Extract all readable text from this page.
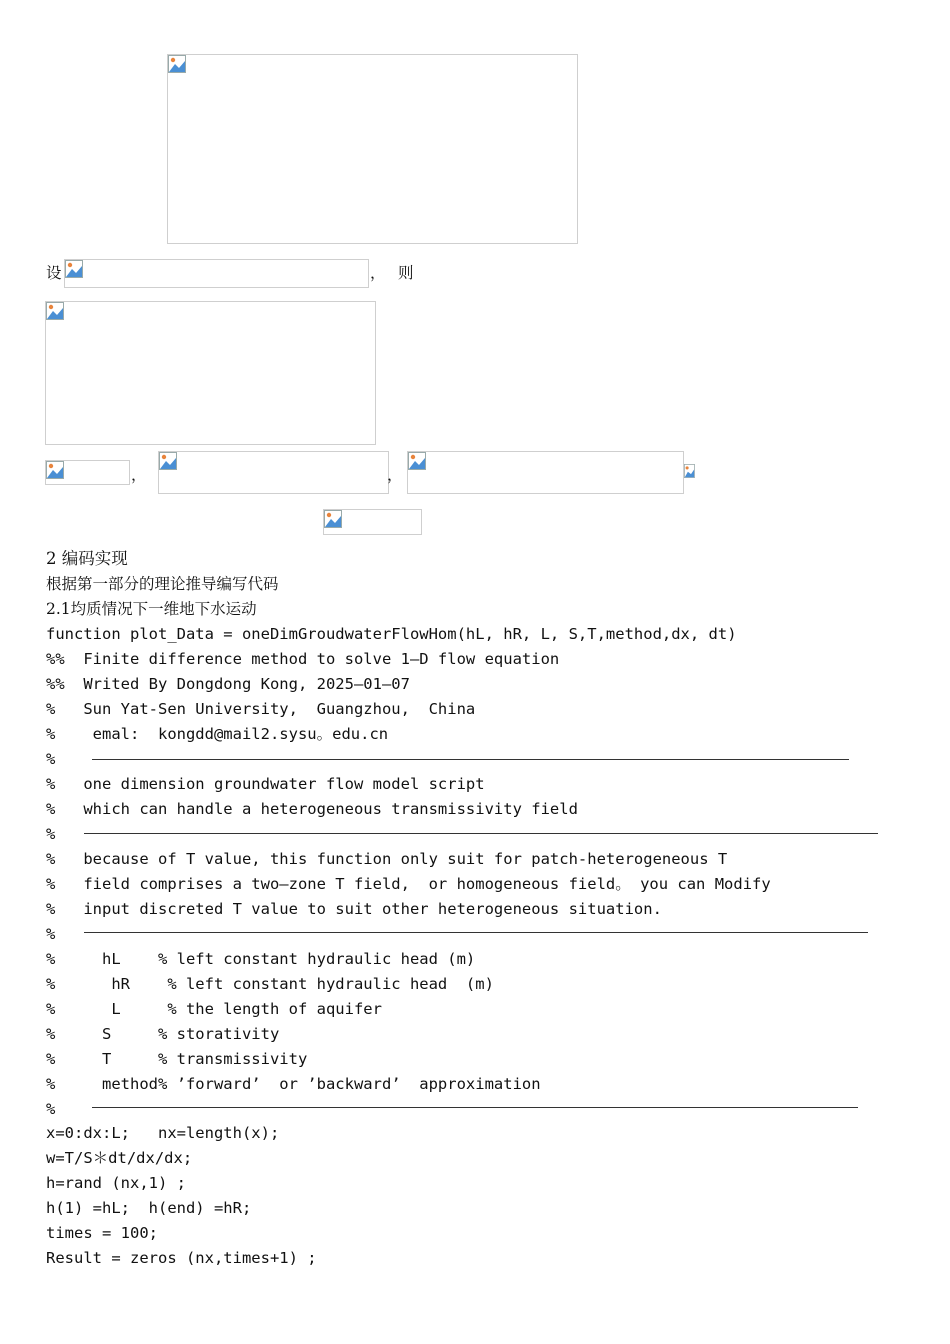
设	， 则
，	，
2 编码实现
根据第一部分的理论推导编写代码
2.1均质情况下一维地下水运动
function plot_Data = oneDimGroudwaterFlowHom(hL, hR, L, S,T,method,dx, dt)
%%  Finite difference method to solve 1—D flow equation
%%  Writed By Dongdong Kong, 2025—01—07
%   Sun Yat-Sen University,  Guangzhou,  China
%    emal:  kongdd@mail2.sysu。edu.cn
%
%   one dimension groundwater flow model script
%   which can handle a heterogeneous transmissivity field
%
%   because of T value, this function only suit for patch-heterogeneous T
%   field comprises a two—zone T field,  or homogeneous field。 you can Modify
%   input discreted T value to suit other heterogeneous situation.
%
%     hL    % left constant hydraulic head (m)
%      hR    % left constant hydraulic head  (m)
%      L     % the length of aquifer
%     S     % storativity
%     T     % transmissivity
%     method% ’forward’  or ’backward’  approximation
%
x=0:dx:L;   nx=length(x);
w=T/S＊dt/dx/dx;
h=rand (nx,1) ;
h(1) =hL;  h(end) =hR;
times = 100;
Result = zeros (nx,times+1) ;
